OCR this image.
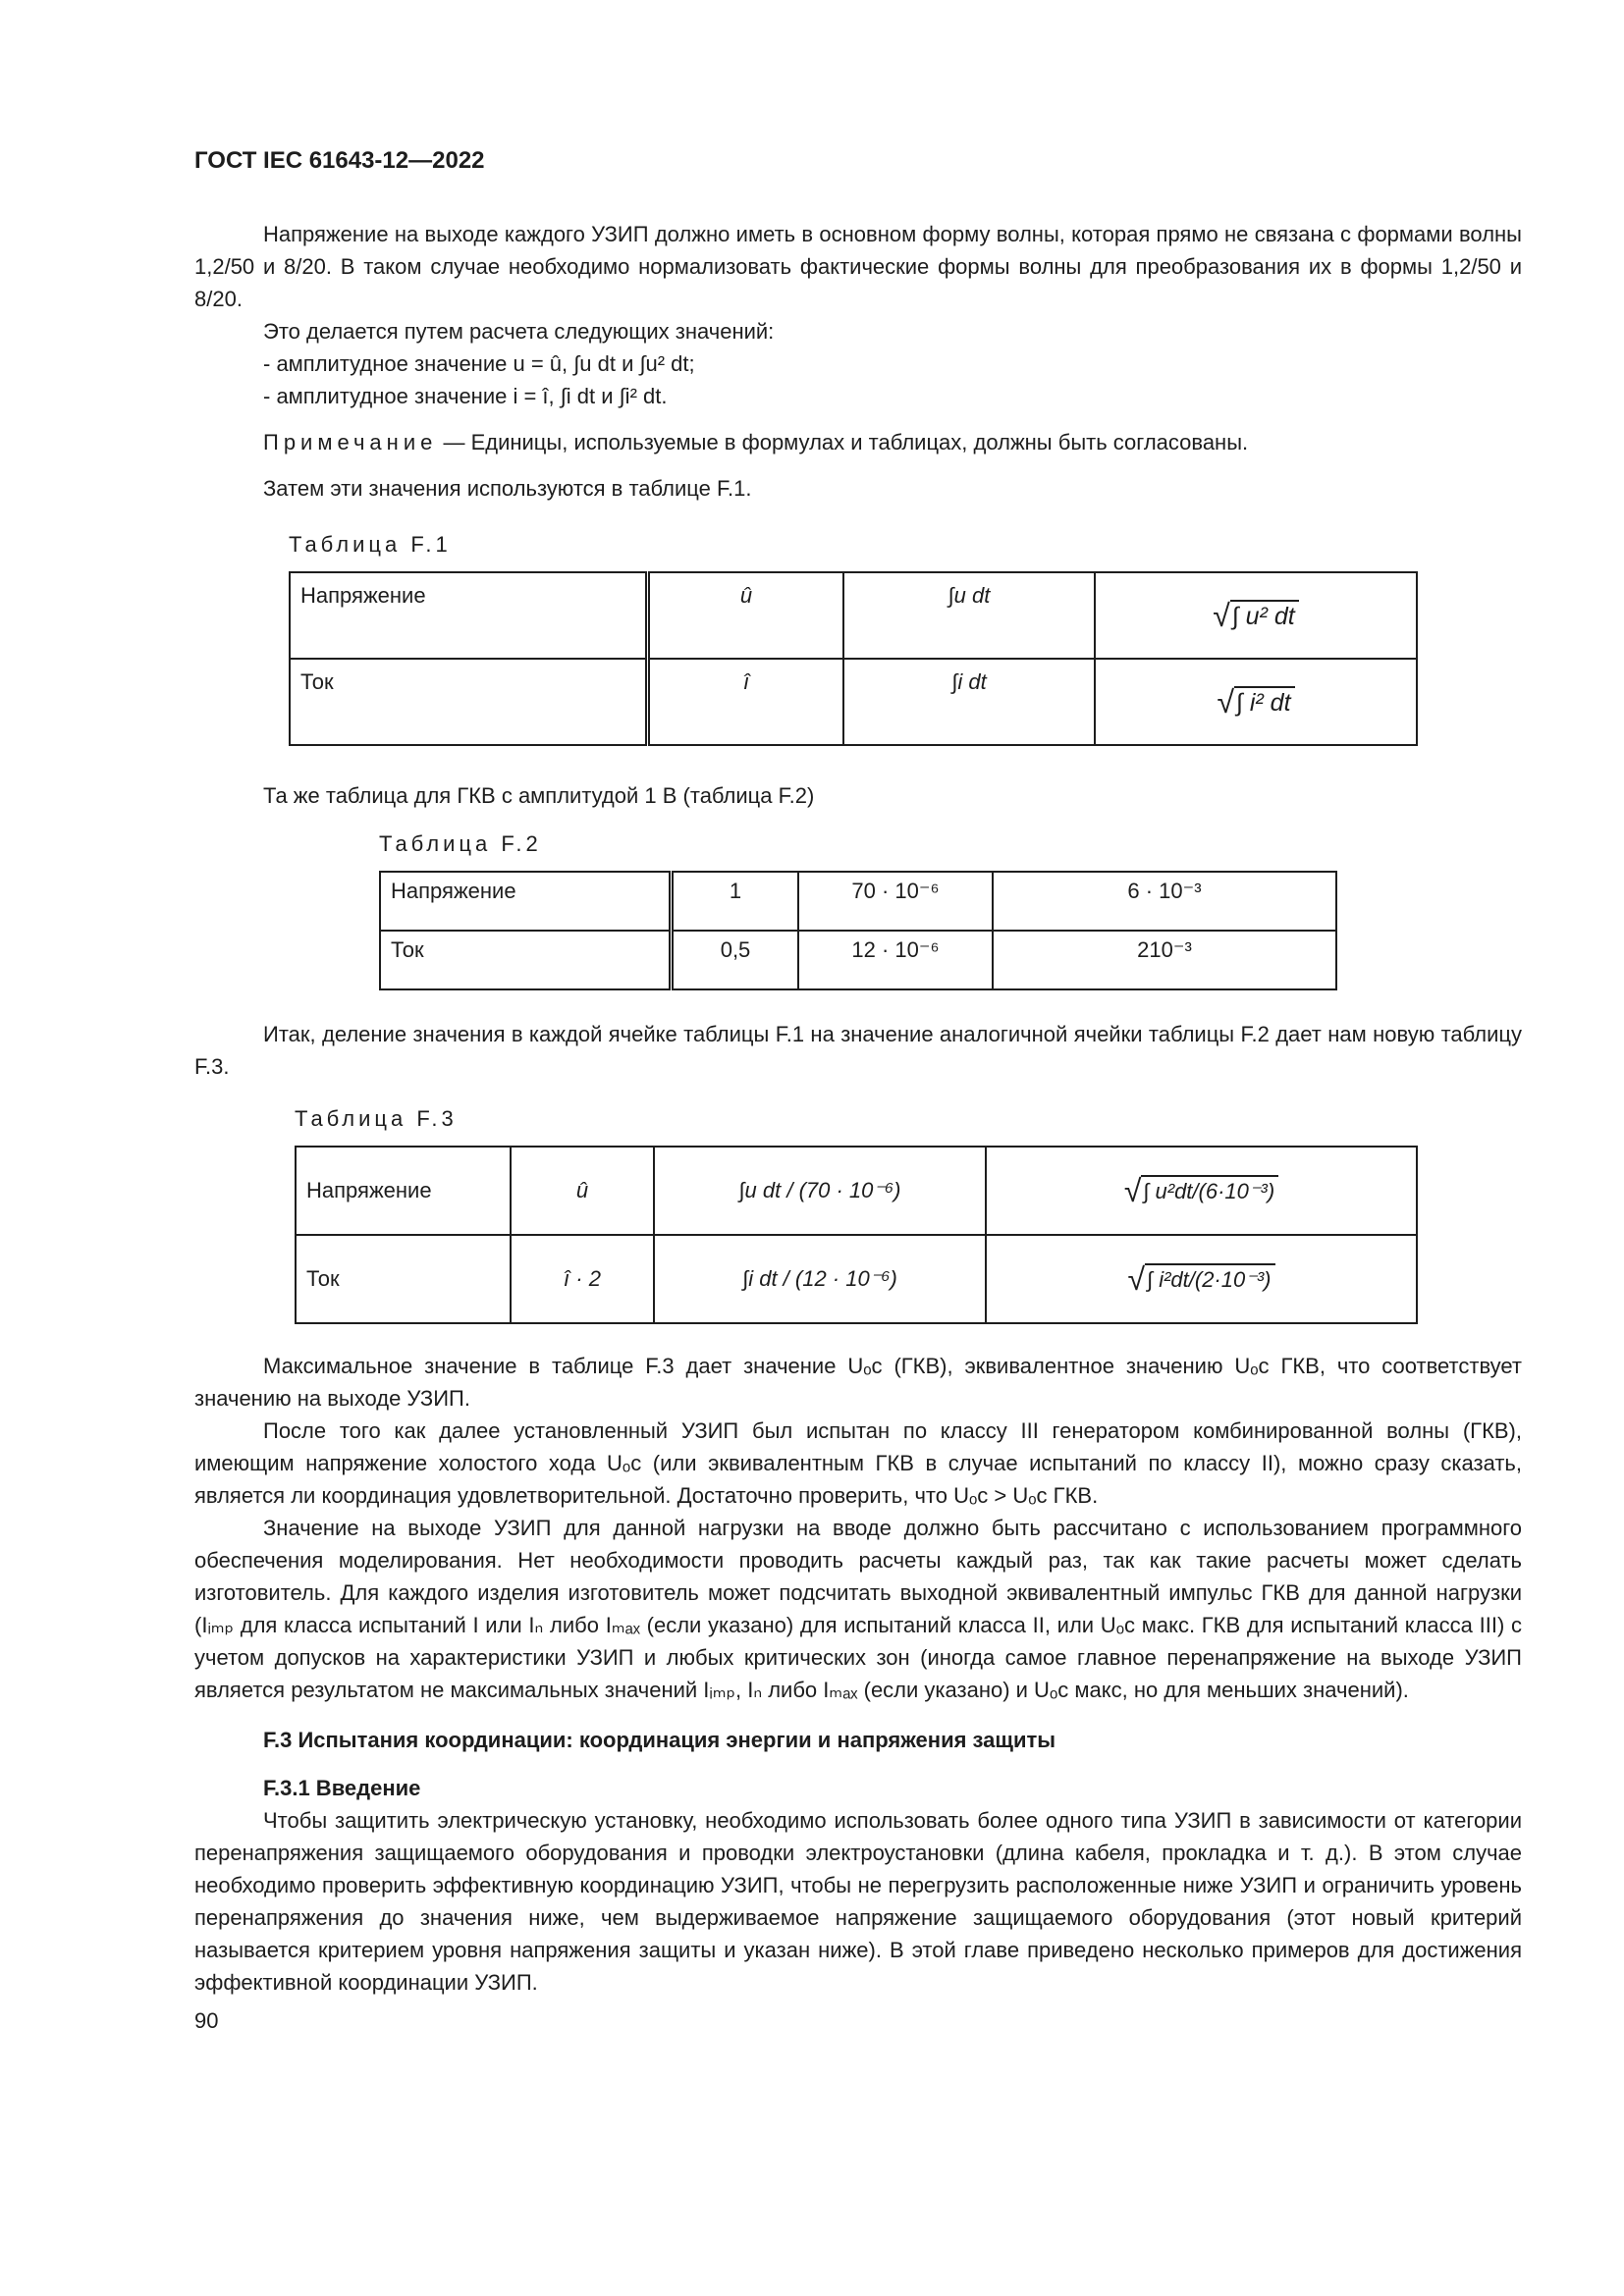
ГОСТ IEC 61643-12—2022

Напряжение на выходе каждого УЗИП должно иметь в основном форму волны, которая прямо не связана с формами волны 1,2/50 и 8/20. В таком случае необходимо нормализовать фактические формы волны для преобразования их в формы 1,2/50 и 8/20.

Это делается путем расчета следующих значений:

- амплитудное значение u = û, ∫u dt и ∫u² dt;

- амплитудное значение i = î, ∫i dt и ∫i² dt.

Примечание — Единицы, используемые в формулах и таблицах, должны быть согласованы.

Затем эти значения используются в таблице F.1.

Таблица F.1
Напряжение	û	∫u dt	√ ∫ u² dt

Ток	î	∫i dt	√ ∫ i² dt

Та же таблица для ГКВ с амплитудой 1 В (таблица F.2)

Таблица F.2
Напряжение	1	70 · 10⁻⁶	6 · 10⁻³
Ток	0,5	12 · 10⁻⁶	210⁻³

Итак, деление значения в каждой ячейке таблицы F.1 на значение аналогичной ячейки таблицы F.2 дает нам новую таблицу F.3.

Таблица F.3
Напряжение	û	∫u dt / (70 · 10⁻⁶)	√ ∫ u²dt/(6·10⁻³)

Ток	î · 2	∫i dt / (12 · 10⁻⁶)	√ ∫ i²dt/(2·10⁻³)

Максимальное значение в таблице F.3 дает значение Uₒc (ГКВ), эквивалентное значению Uₒc ГКВ, что соответствует значению на выходе УЗИП.

После того как далее установленный УЗИП был испытан по классу III генератором комбинированной волны (ГКВ), имеющим напряжение холостого хода Uₒc (или эквивалентным ГКВ в случае испытаний по классу II), можно сразу сказать, является ли координация удовлетворительной. Достаточно проверить, что Uₒc > Uₒc ГКВ.

Значение на выходе УЗИП для данной нагрузки на вводе должно быть рассчитано с использованием программного обеспечения моделирования. Нет необходимости проводить расчеты каждый раз, так как такие расчеты может сделать изготовитель. Для каждого изделия изготовитель может подсчитать выходной эквивалентный импульс ГКВ для данной нагрузки (Iᵢₘₚ для класса испытаний I или Iₙ либо Iₘₐₓ (если указано) для испытаний класса II, или Uₒc макс. ГКВ для испытаний класса III) с учетом допусков на характеристики УЗИП и любых критических зон (иногда самое главное перенапряжение на выходе УЗИП является результатом не максимальных значений Iᵢₘₚ, Iₙ либо Iₘₐₓ (если указано) и Uₒc макс, но для меньших значений).

F.3 Испытания координации: координация энергии и напряжения защиты

F.3.1 Введение

Чтобы защитить электрическую установку, необходимо использовать более одного типа УЗИП в зависимости от категории перенапряжения защищаемого оборудования и проводки электроустановки (длина кабеля, прокладка и т. д.). В этом случае необходимо проверить эффективную координацию УЗИП, чтобы не перегрузить расположенные ниже УЗИП и ограничить уровень перенапряжения до значения ниже, чем выдерживаемое напряжение защищаемого оборудования (этот новый критерий называется критерием уровня напряжения защиты и указан ниже). В этой главе приведено несколько примеров для достижения эффективной координации УЗИП.

90
